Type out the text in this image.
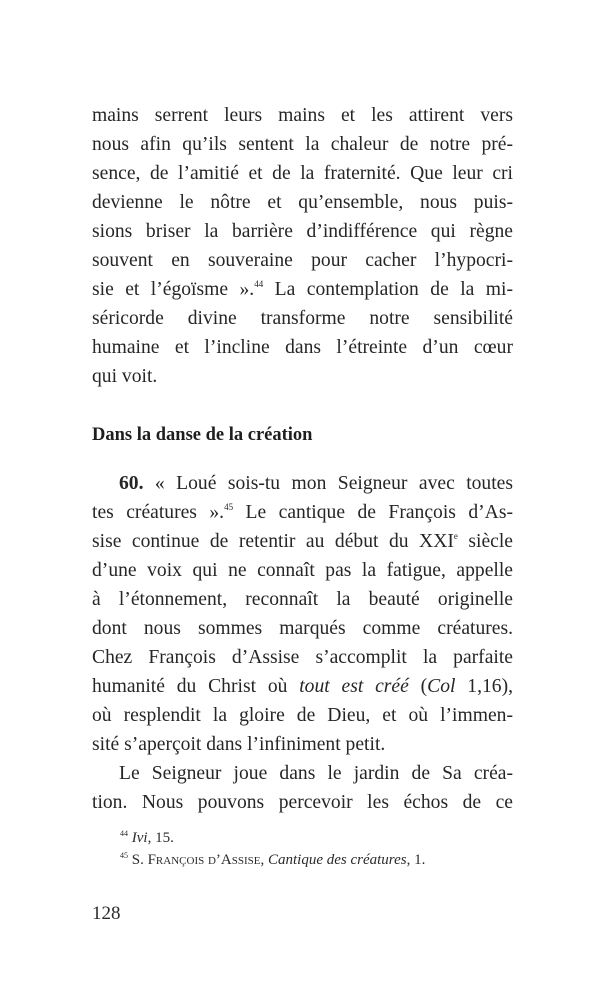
mains serrent leurs mains et les attirent vers
nous afin qu’ils sentent la chaleur de notre pré-
sence, de l’amitié et de la fraternité. Que leur cri
devienne le nôtre et qu’ensemble, nous puis-
sions briser la barrière d’indifférence qui règne
souvent en souveraine pour cacher l’hypocri-
sie et l’égoïsme ».$^{44}$ La contemplation de la mi-
séricorde divine transforme notre sensibilité
humaine et l’incline dans l’étreinte d’un cœur
qui voit.

Dans la danse de la création

60. « Loué sois-tu mon Seigneur avec toutes
tes créatures ».$^{45}$ Le cantique de François d’As-
sise continue de retentir au début du XXIe siècle
d’une voix qui ne connaît pas la fatigue, appelle
à l’étonnement, reconnaît la beauté originelle
dont nous sommes marqués comme créatures.
Chez François d’Assise s’accomplit la parfaite
humanité du Christ où tout est créé (Col 1,16),
où resplendit la gloire de Dieu, et où l’immen-
sité s’aperçoit dans l’infiniment petit.

Le Seigneur joue dans le jardin de Sa créa-
tion. Nous pouvons percevoir les échos de ce

$^{44}$ Ivi, 15.
$^{45}$ S. François d’Assise, Cantique des créatures, 1.
128
